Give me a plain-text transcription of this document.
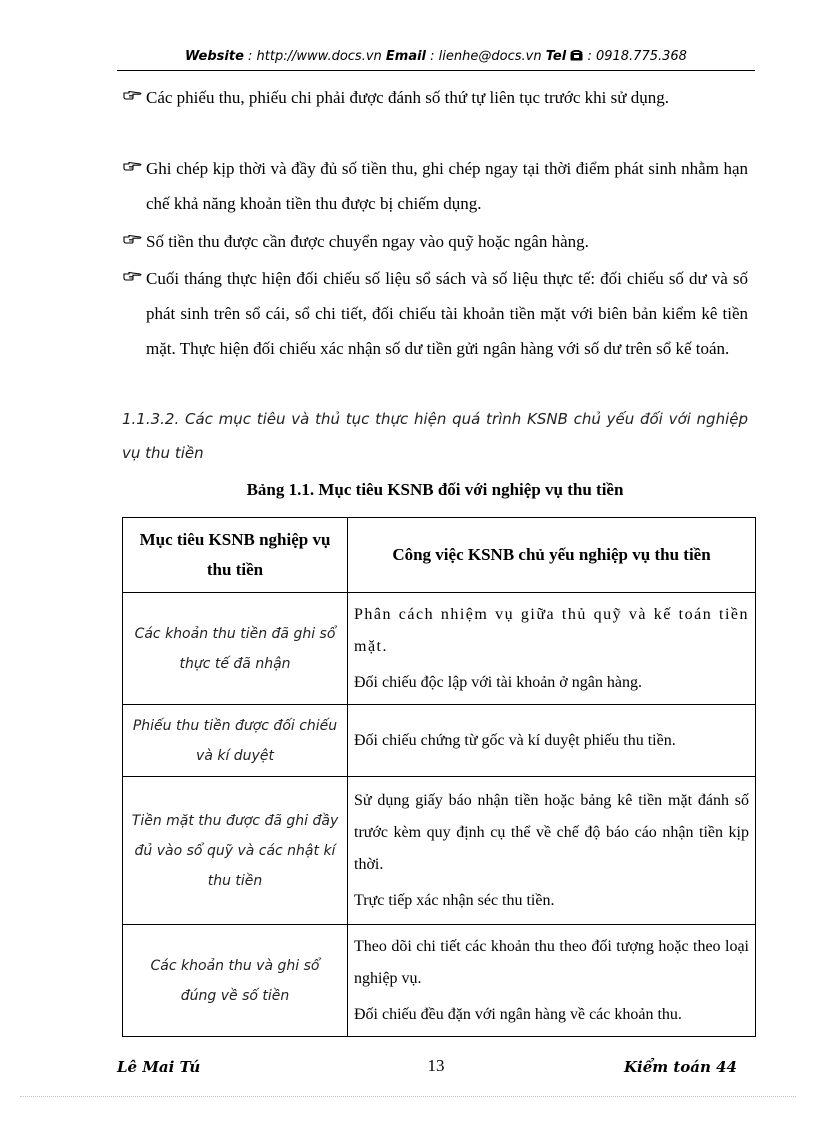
Website : http://www.docs.vn Email : lienhe@docs.vn Tel  : 0918.775.368
Các phiếu thu, phiếu chi phải được đánh số thứ tự liên tục trước khi sử dụng.
Ghi chép kịp thời và đầy đủ số tiền thu, ghi chép ngay tại thời điểm phát sinh nhằm hạn chế khả năng khoản tiền thu được bị chiếm dụng.
Số tiền thu được cần được chuyển ngay vào quỹ hoặc ngân hàng.
Cuối tháng thực hiện đối chiếu số liệu sổ sách và số liệu thực tế: đối chiếu số dư và số phát sinh trên sổ cái, sổ chi tiết, đối chiếu tài khoản tiền mặt với biên bản kiểm kê tiền mặt. Thực hiện đối chiếu xác nhận số dư tiền gửi ngân hàng với số dư trên sổ kế toán.
1.1.3.2. Các mục tiêu và thủ tục thực hiện quá trình KSNB chủ yếu đối với nghiệp vụ thu tiền
Bảng 1.1. Mục tiêu KSNB đối với nghiệp vụ thu tiền
Mục tiêu KSNB nghiệp vụ thu tiền	Công việc KSNB chủ yếu nghiệp vụ thu tiền
Các khoản thu tiền đã ghi sổ thực tế đã nhận	Phân cách nhiệm vụ giữa thủ quỹ và kế toán tiền mặt.

Đối chiếu độc lập với tài khoản ở ngân hàng.

Phiếu thu tiền được đối chiếu và kí duyệt	Đối chiếu chứng từ gốc và kí duyệt phiếu thu tiền.

Tiền mặt thu được đã ghi đầy đủ vào sổ quỹ và các nhật kí thu tiền	Sử dụng giấy báo nhận tiền hoặc bảng kê tiền mặt đánh số trước kèm quy định cụ thể về chế độ báo cáo nhận tiền kịp thời.

Trực tiếp xác nhận séc thu tiền.

Các khoản thu và ghi sổ đúng về số tiền	Theo dõi chi tiết các khoản thu theo đối tượng hoặc theo loại nghiệp vụ.

Đối chiếu đều đặn với ngân hàng về các khoản thu.

Lê Mai Tú	13	Kiểm toán 44
